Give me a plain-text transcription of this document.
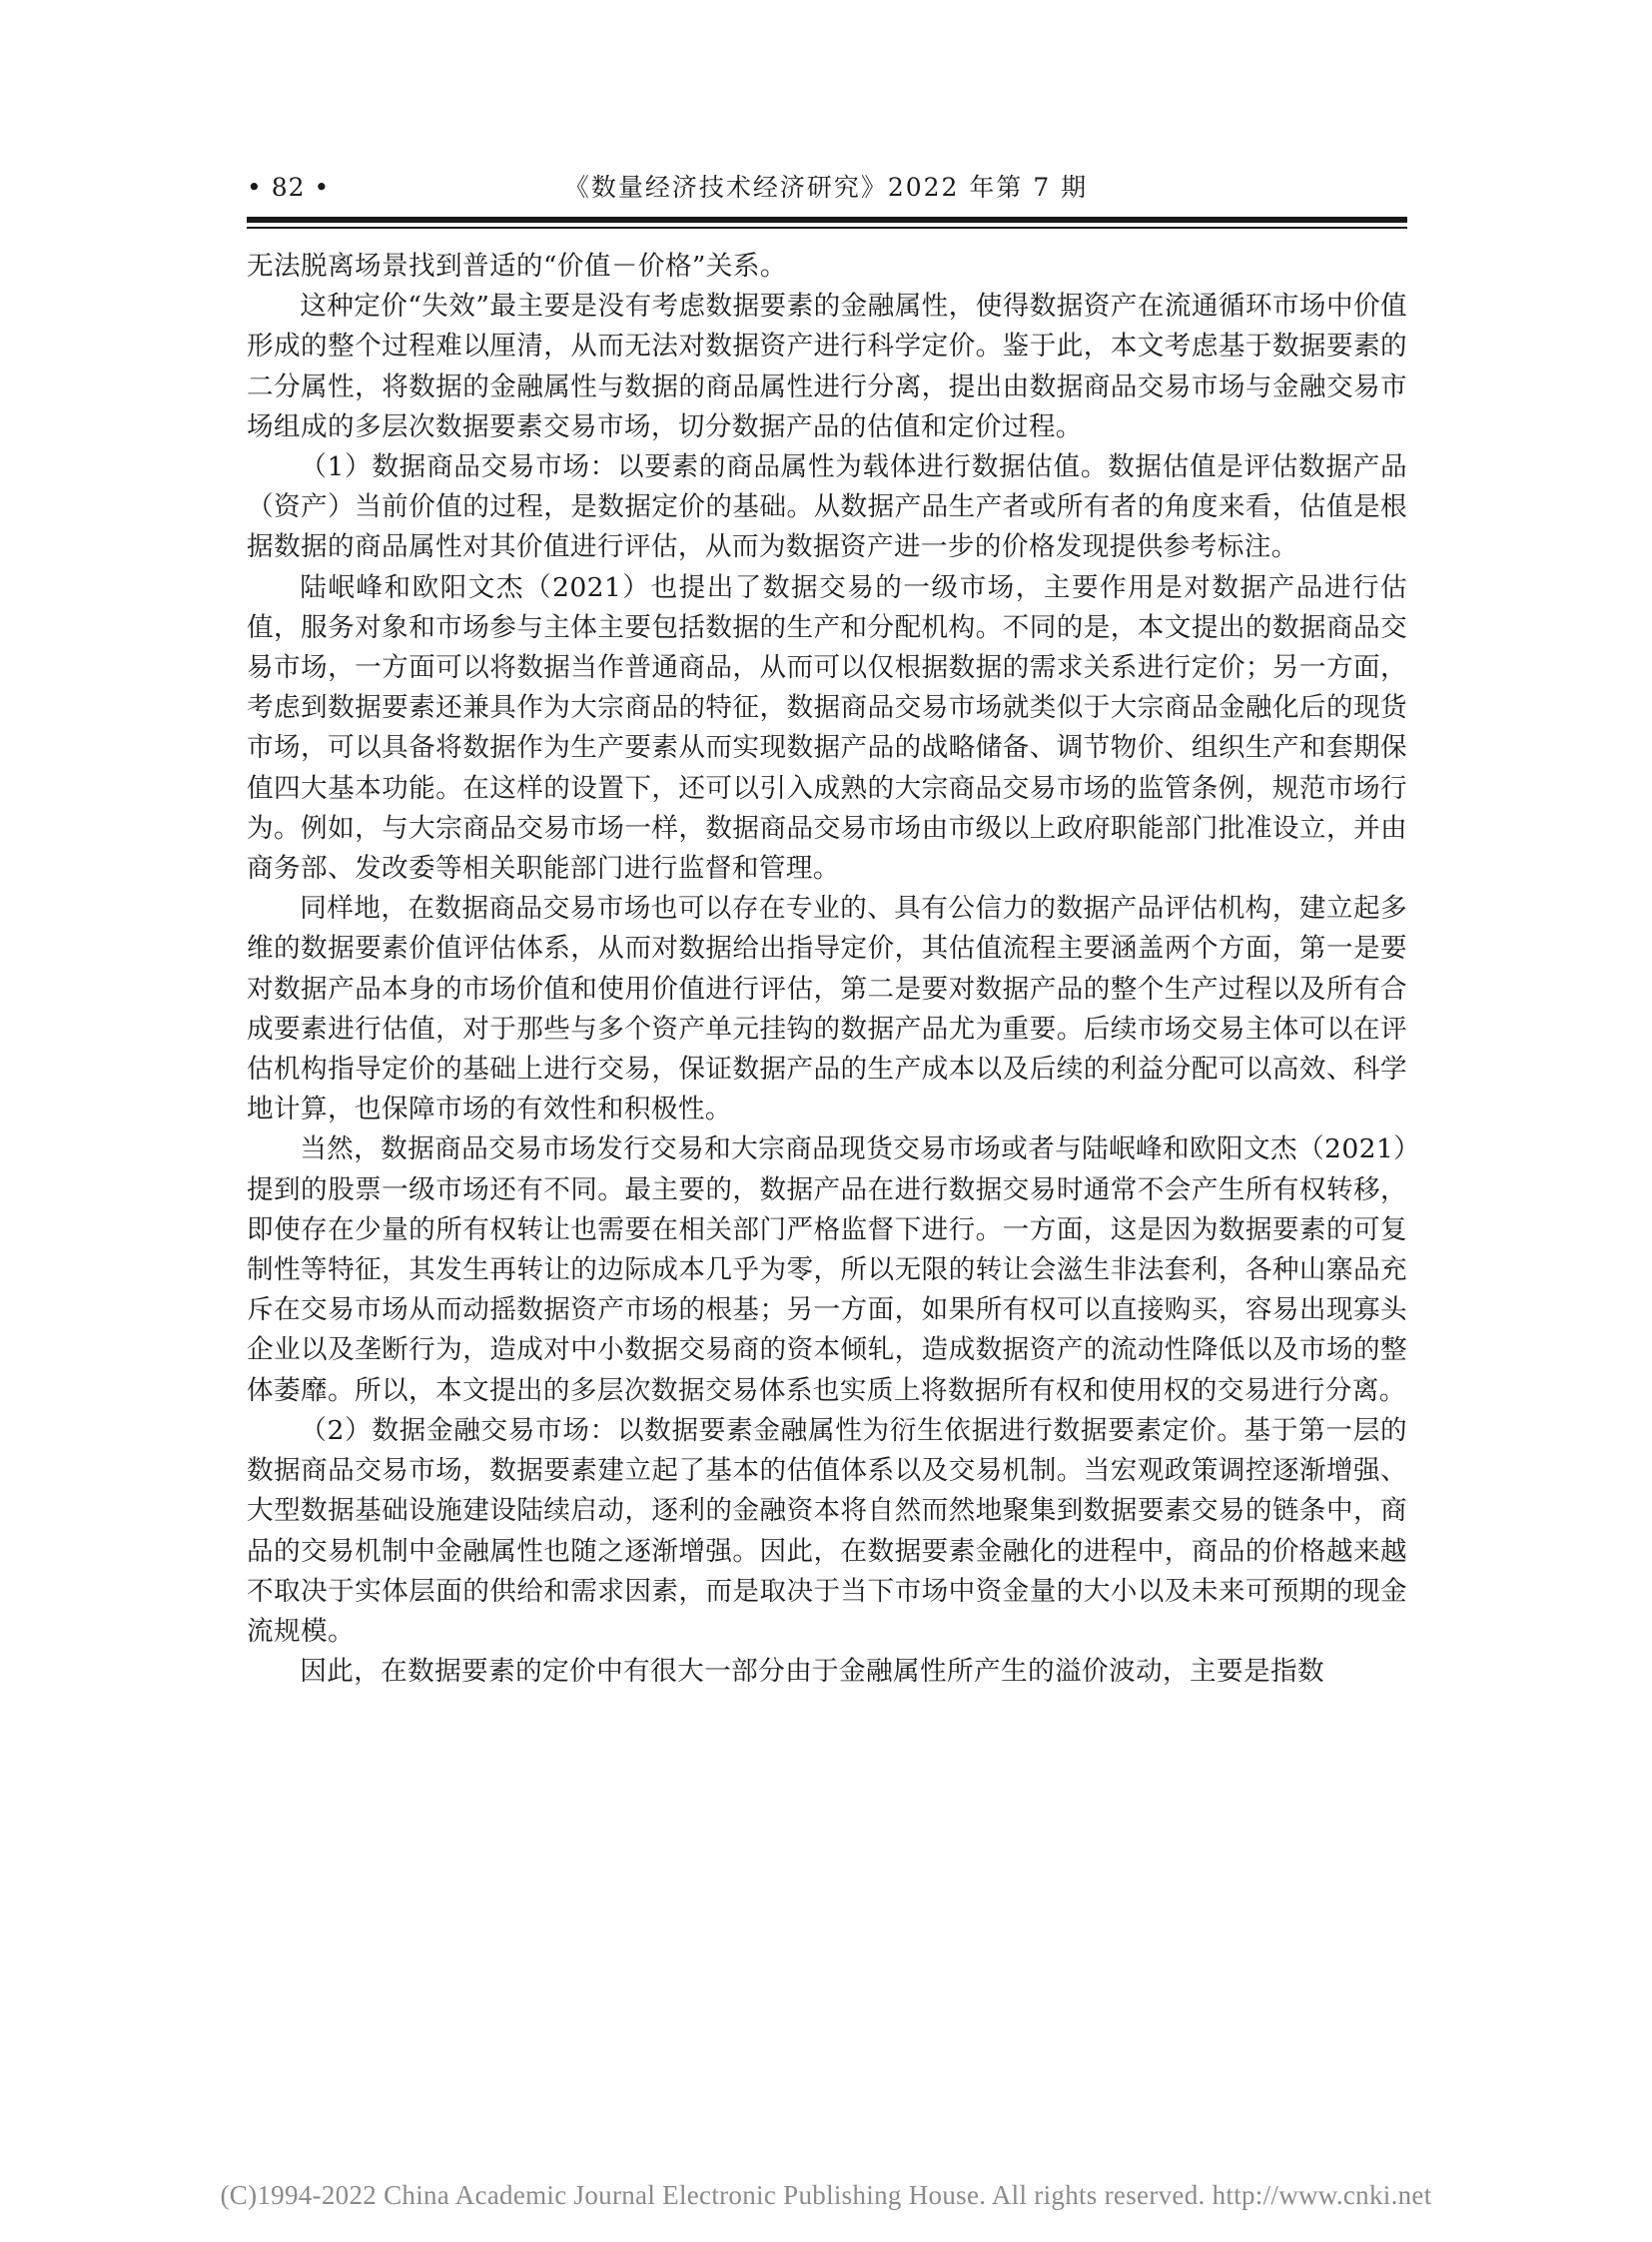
• 82 •	《数量经济技术经济研究》2022 年第 7 期

无法脱离场景找到普适的“价值－价格”关系。

这种定价“失效”最主要是没有考虑数据要素的金融属性，使得数据资产在流通循环市场中价值形成的整个过程难以厘清，从而无法对数据资产进行科学定价。鉴于此，本文考虑基于数据要素的二分属性，将数据的金融属性与数据的商品属性进行分离，提出由数据商品交易市场与金融交易市场组成的多层次数据要素交易市场，切分数据产品的估值和定价过程。

（1）数据商品交易市场：以要素的商品属性为载体进行数据估值。数据估值是评估数据产品（资产）当前价值的过程，是数据定价的基础。从数据产品生产者或所有者的角度来看，估值是根据数据的商品属性对其价值进行评估，从而为数据资产进一步的价格发现提供参考标注。

陆岷峰和欧阳文杰（2021）也提出了数据交易的一级市场，主要作用是对数据产品进行估值，服务对象和市场参与主体主要包括数据的生产和分配机构。不同的是，本文提出的数据商品交易市场，一方面可以将数据当作普通商品，从而可以仅根据数据的需求关系进行定价；另一方面，考虑到数据要素还兼具作为大宗商品的特征，数据商品交易市场就类似于大宗商品金融化后的现货市场，可以具备将数据作为生产要素从而实现数据产品的战略储备、调节物价、组织生产和套期保值四大基本功能。在这样的设置下，还可以引入成熟的大宗商品交易市场的监管条例，规范市场行为。例如，与大宗商品交易市场一样，数据商品交易市场由市级以上政府职能部门批准设立，并由商务部、发改委等相关职能部门进行监督和管理。

同样地，在数据商品交易市场也可以存在专业的、具有公信力的数据产品评估机构，建立起多维的数据要素价值评估体系，从而对数据给出指导定价，其估值流程主要涵盖两个方面，第一是要对数据产品本身的市场价值和使用价值进行评估，第二是要对数据产品的整个生产过程以及所有合成要素进行估值，对于那些与多个资产单元挂钩的数据产品尤为重要。后续市场交易主体可以在评估机构指导定价的基础上进行交易，保证数据产品的生产成本以及后续的利益分配可以高效、科学地计算，也保障市场的有效性和积极性。

当然，数据商品交易市场发行交易和大宗商品现货交易市场或者与陆岷峰和欧阳文杰（2021）提到的股票一级市场还有不同。最主要的，数据产品在进行数据交易时通常不会产生所有权转移，即使存在少量的所有权转让也需要在相关部门严格监督下进行。一方面，这是因为数据要素的可复制性等特征，其发生再转让的边际成本几乎为零，所以无限的转让会滋生非法套利，各种山寨品充斥在交易市场从而动摇数据资产市场的根基；另一方面，如果所有权可以直接购买，容易出现寡头企业以及垄断行为，造成对中小数据交易商的资本倾轧，造成数据资产的流动性降低以及市场的整体萎靡。所以，本文提出的多层次数据交易体系也实质上将数据所有权和使用权的交易进行分离。

（2）数据金融交易市场：以数据要素金融属性为衍生依据进行数据要素定价。基于第一层的数据商品交易市场，数据要素建立起了基本的估值体系以及交易机制。当宏观政策调控逐渐增强、大型数据基础设施建设陆续启动，逐利的金融资本将自然而然地聚集到数据要素交易的链条中，商品的交易机制中金融属性也随之逐渐增强。因此，在数据要素金融化的进程中，商品的价格越来越不取决于实体层面的供给和需求因素，而是取决于当下市场中资金量的大小以及未来可预期的现金流规模。

因此，在数据要素的定价中有很大一部分由于金融属性所产生的溢价波动，主要是指数

(C)1994-2022 China Academic Journal Electronic Publishing House. All rights reserved. http://www.cnki.net
